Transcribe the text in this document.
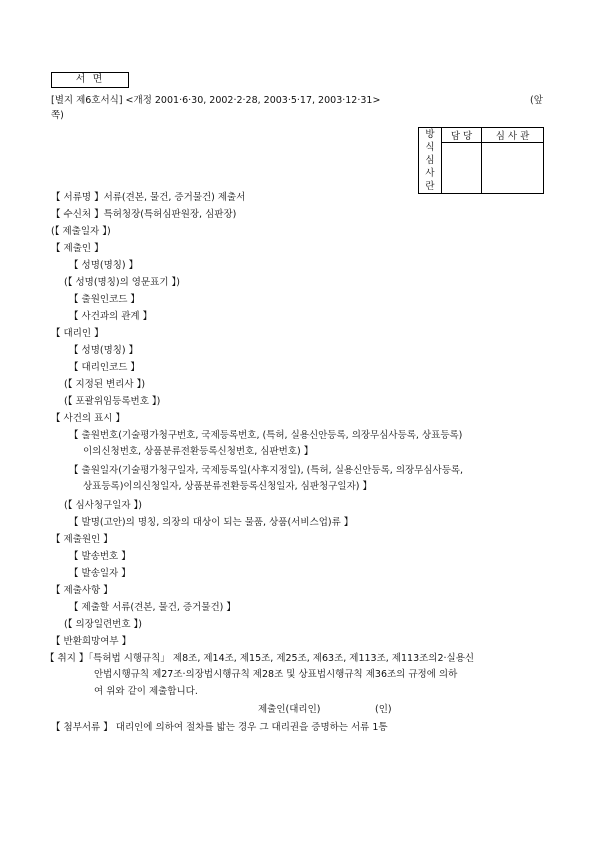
서 면
[별지 제6호서식] <개정 2001·6·30, 2002·2·28, 2003·5·17, 2003·12·31>	(앞
쪽)
방
식
심
사
란	담 당	심 사 관

【 서류명 】서류(견본, 물건, 증거물건) 제출서
【 수신처 】특허청장(특허심판원장, 심판장)
(【 제출일자 】)
【 제출인 】
【 성명(명칭) 】
(【 성명(명칭)의 영문표기 】)
【 출원인코드 】
【 사건과의 관계 】
【 대리인 】
【 성명(명칭) 】
【 대리인코드 】
(【 지정된 변리사 】)
(【 포괄위임등록번호 】)
【 사건의 표시 】
【 출원번호(기술평가청구번호, 국제등록번호, (특허, 실용신안등록, 의장무심사등록, 상표등록)
이의신청번호, 상품분류전환등록신청번호, 심판번호) 】
【 출원일자(기술평가청구일자, 국제등록일(사후지정일), (특허, 실용신안등록, 의장무심사등록,
상표등록)이의신청일자, 상품분류전환등록신청일자, 심판청구일자) 】
(【 심사청구일자 】)
【 발명(고안)의 명칭, 의장의 대상이 되는 물품, 상품(서비스업)류 】
【 제출원인 】
【 발송번호 】
【 발송일자 】
【 제출사항 】
【 제출할 서류(견본, 물건, 증거물건) 】
(【 의장일련번호 】)
【 반환희망여부 】
【 취지 】「특허법 시행규칙」 제8조, 제14조, 제15조, 제25조, 제63조, 제113조, 제113조의2·실용신
안법시행규칙 제27조·의장법시행규칙 제28조 및 상표법시행규칙 제36조의 규정에 의하
여 위와 같이 제출합니다.
제출인(대리인)	(인)
【 첨부서류 】 대리인에 의하여 절차를 밟는 경우 그 대리권을 증명하는 서류 1통
